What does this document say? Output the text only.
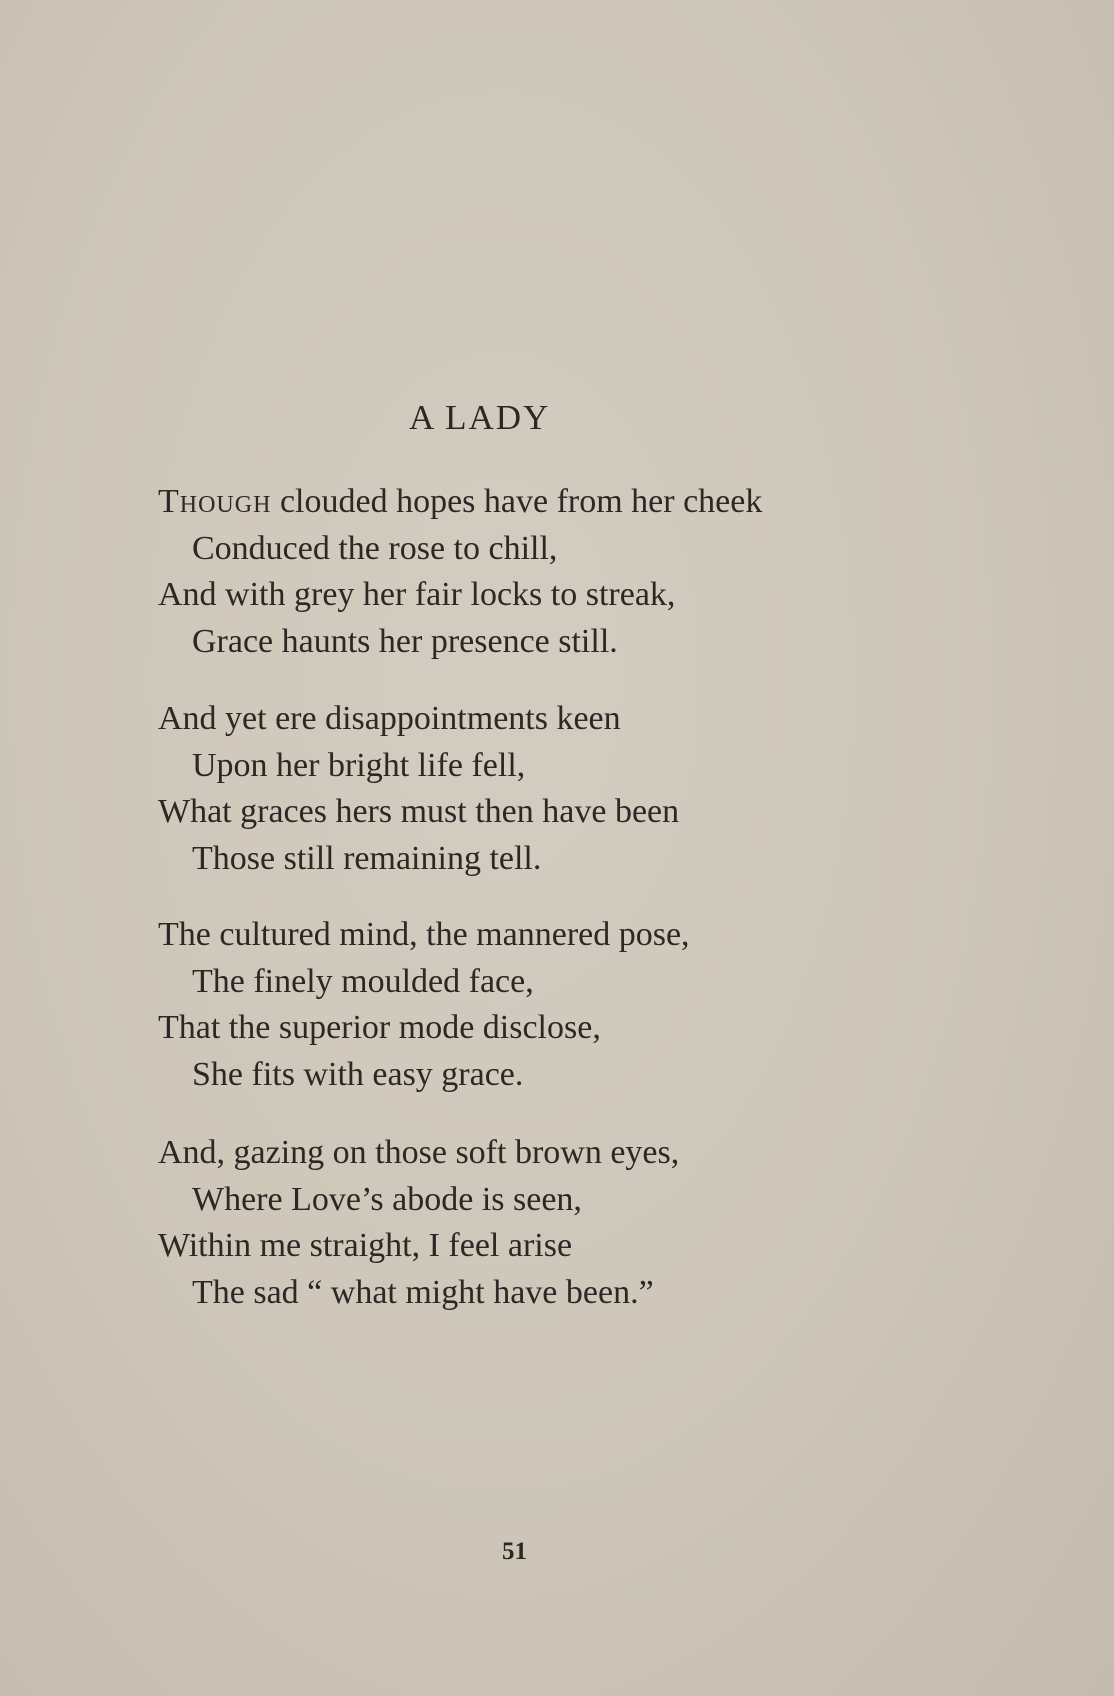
A LADY
Though clouded hopes have from her cheek
Conduced the rose to chill,
And with grey her fair locks to streak,
Grace haunts her presence still.
And yet ere disappointments keen
Upon her bright life fell,
What graces hers must then have been
Those still remaining tell.
The cultured mind, the mannered pose,
The finely moulded face,
That the superior mode disclose,
She fits with easy grace.
And, gazing on those soft brown eyes,
Where Love’s abode is seen,
Within me straight, I feel arise
The sad “ what might have been.”
51
